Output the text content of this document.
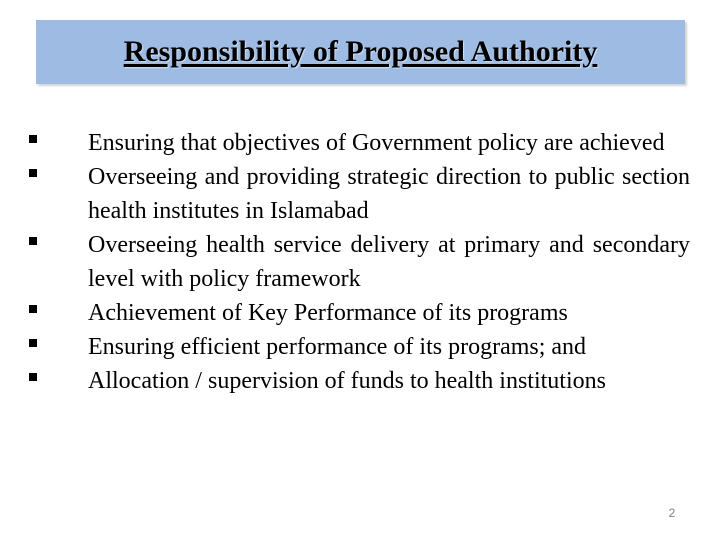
Responsibility of Proposed Authority
Ensuring that objectives of Government policy are achieved
Overseeing and providing strategic direction to public section health institutes in Islamabad
Overseeing health service delivery at primary and secondary level with policy framework
Achievement of Key Performance of its programs
Ensuring efficient performance of its programs; and
Allocation / supervision of funds to health institutions
2
